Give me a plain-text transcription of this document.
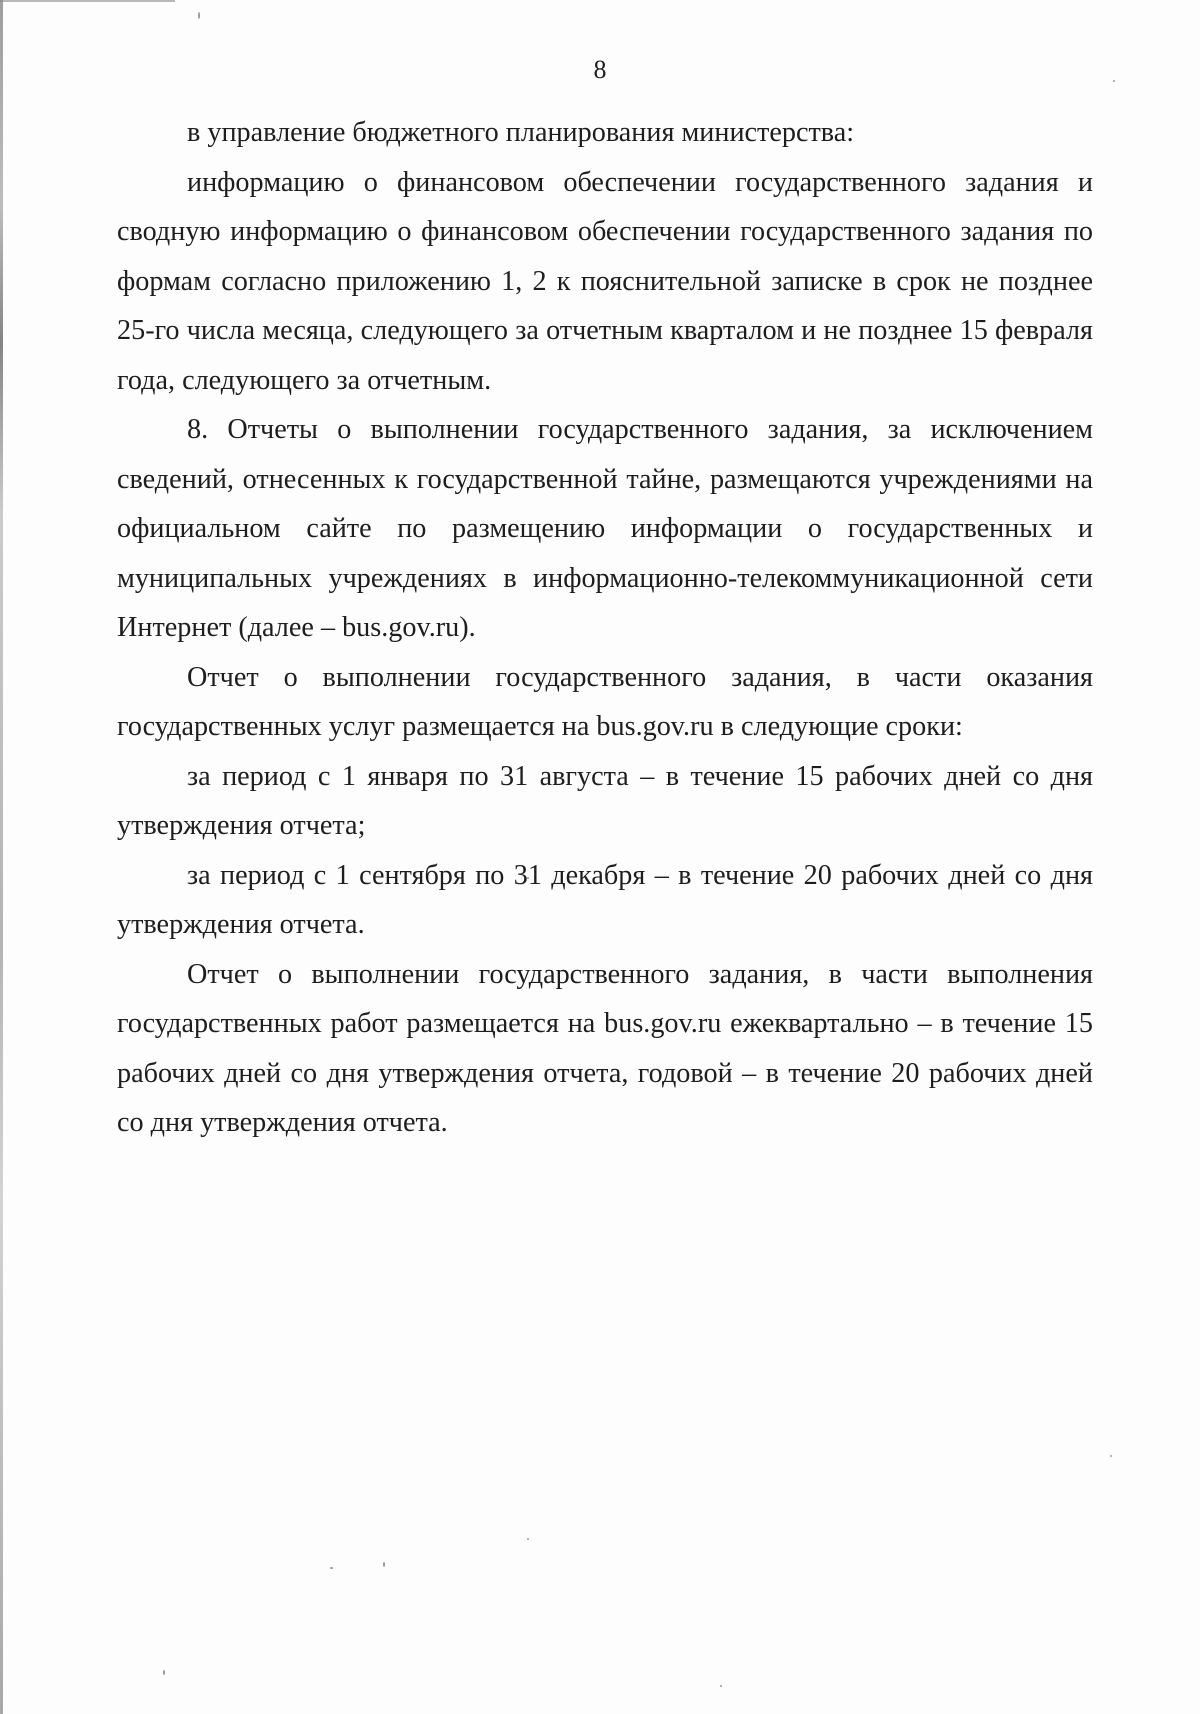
8

в управление бюджетного планирования министерства:

информацию о финансовом обеспечении государственного задания и сводную информацию о финансовом обеспечении государственного задания по формам согласно приложению 1, 2 к пояснительной записке в срок не позднее 25-го числа месяца, следующего за отчетным кварталом и не позднее 15 февраля года, следующего за отчетным.

8. Отчеты о выполнении государственного задания, за исключением сведений, отнесенных к государственной тайне, размещаются учреждениями на официальном сайте по размещению информации о государственных и муниципальных учреждениях в информационно-телекоммуникационной сети Интернет (далее – bus.gov.ru).

Отчет о выполнении государственного задания, в части оказания государственных услуг размещается на bus.gov.ru в следующие сроки:

за период с 1 января по 31 августа – в течение 15 рабочих дней со дня утверждения отчета;

за период с 1 сентября по 31 декабря – в течение 20 рабочих дней со дня утверждения отчета.

Отчет о выполнении государственного задания, в части выполнения государственных работ размещается на bus.gov.ru ежеквартально – в течение 15 рабочих дней со дня утверждения отчета, годовой – в течение 20 рабочих дней со дня утверждения отчета.
